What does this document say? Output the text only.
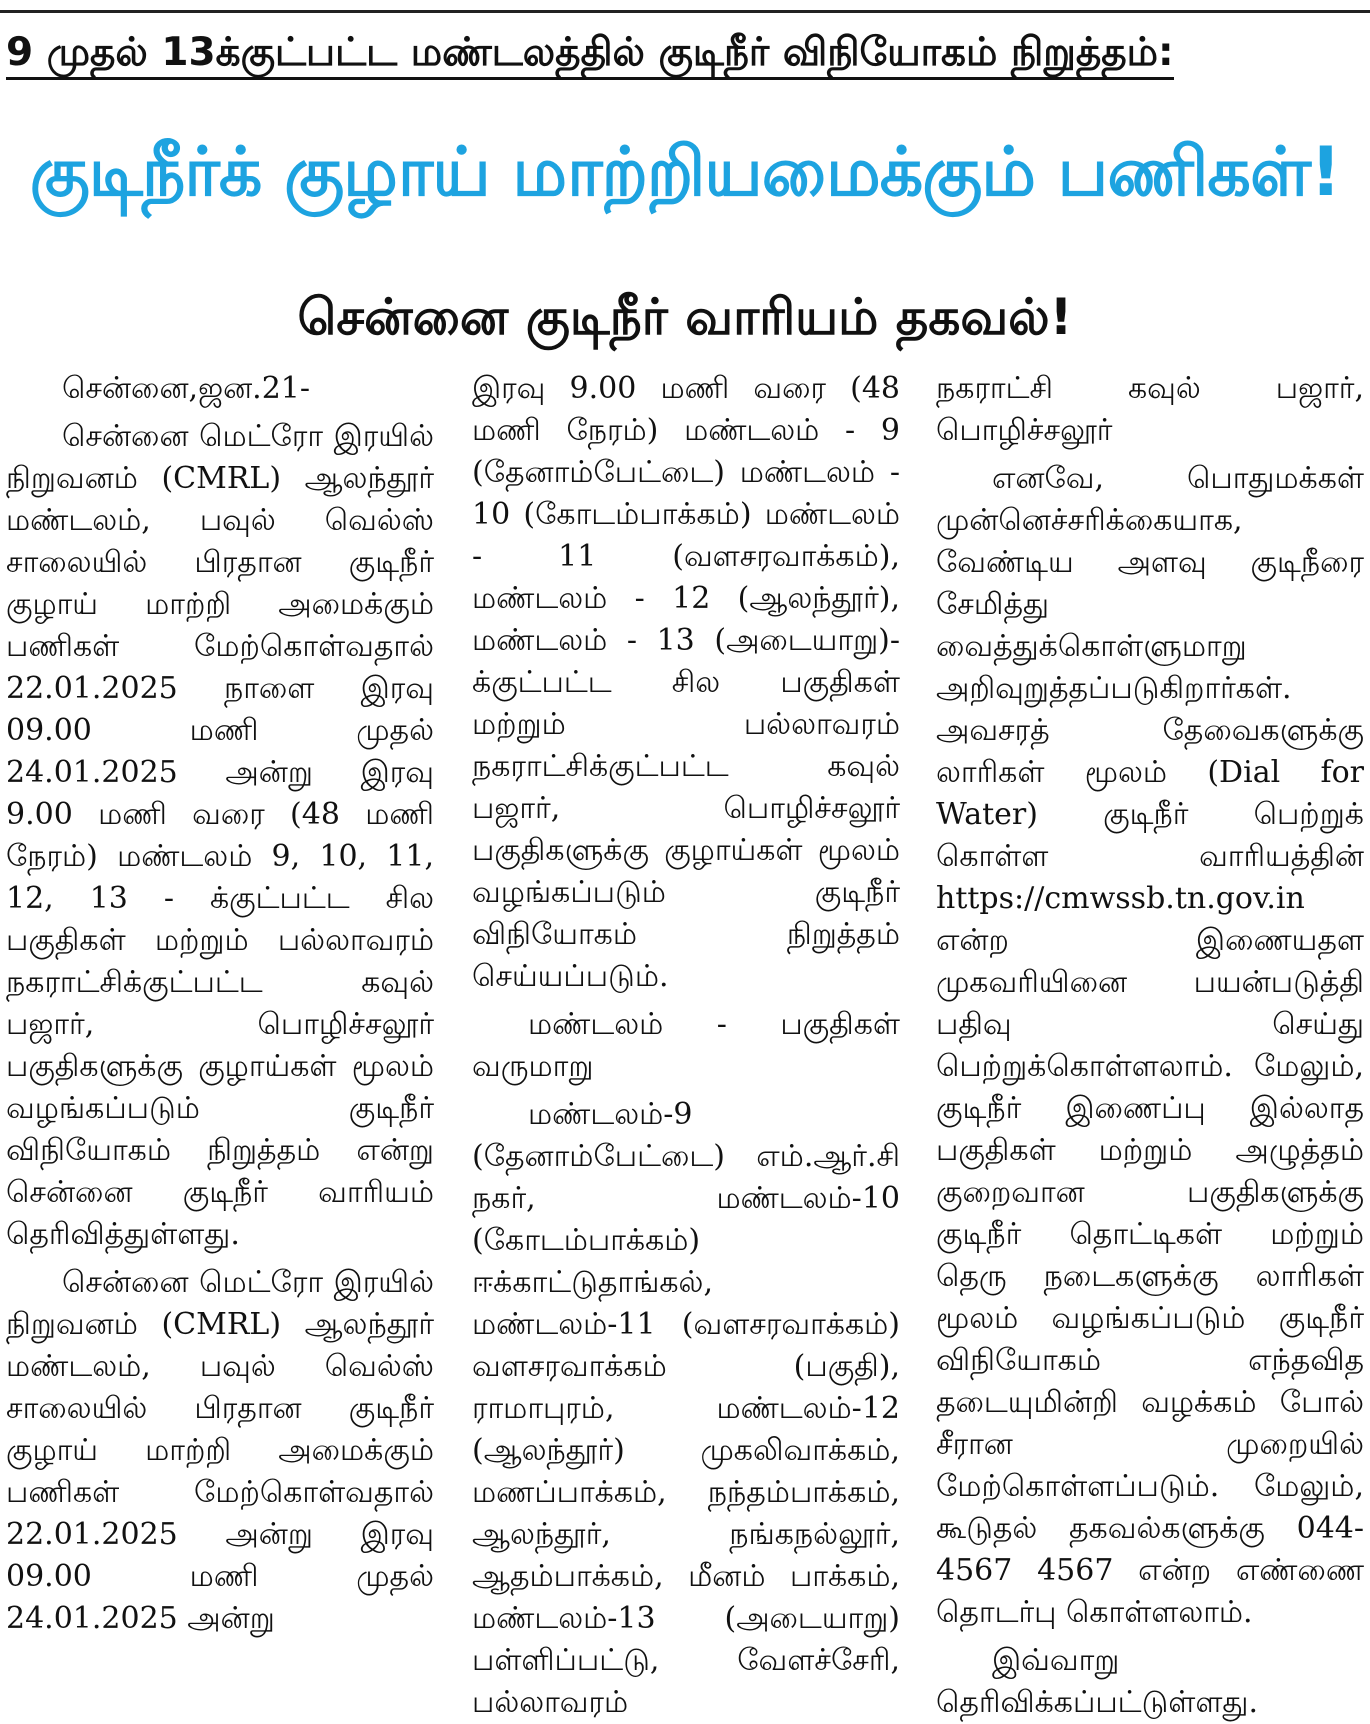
9 முதல் 13க்குட்பட்ட மண்டலத்தில் குடிநீர் விநியோகம் நிறுத்தம்:
குடிநீர்க் குழாய் மாற்றியமைக்கும் பணிகள்!
சென்னை குடிநீர் வாரியம் தகவல்!

சென்னை,ஜன.21-

சென்னை மெட்ரோ இரயில் நிறுவனம் (CMRL) ஆலந்தூர் மண்டலம், பவுல் வெல்ஸ் சாலையில் பிரதான குடிநீர் குழாய் மாற்றி அமைக்கும் பணிகள் மேற்கொள்வதால் 22.01.2025 நாளை இரவு 09.00 மணி முதல் 24.01.2025 அன்று இரவு 9.00 மணி வரை (48 மணி நேரம்) மண்டலம் 9, 10, 11, 12, 13 - க்குட்பட்ட சில பகுதிகள் மற்றும் பல்லாவரம் நகராட்சிக்குட்பட்ட கவுல் பஜார், பொழிச்சலூர் பகுதிகளுக்கு குழாய்கள் மூலம் வழங்கப்படும் குடிநீர் விநியோகம் நிறுத்தம் என்று சென்னை குடிநீர் வாரியம் தெரிவித்துள்ளது.

சென்னை மெட்ரோ இரயில் நிறுவனம் (CMRL) ஆலந்தூர் மண்டலம், பவுல் வெல்ஸ் சாலையில் பிரதான குடிநீர் குழாய் மாற்றி அமைக்கும் பணிகள் மேற்கொள்வதால் 22.01.2025 அன்று இரவு 09.00 மணி முதல் 24.01.2025 அன்று

இரவு 9.00 மணி வரை (48 மணி நேரம்) மண்டலம் - 9 (தேனாம்பேட்டை) மண்டலம் - 10 (கோடம்பாக்கம்) மண்டலம் - 11 (வளசரவாக்கம்), மண்டலம் - 12 (ஆலந்தூர்), மண்டலம் - 13 (அடையாறு)- க்குட்பட்ட சில பகுதிகள் மற்றும் பல்லாவரம் நகராட்சிக்குட்பட்ட கவுல் பஜார், பொழிச்சலூர் பகுதிகளுக்கு குழாய்கள் மூலம் வழங்கப்படும் குடிநீர் விநியோகம் நிறுத்தம் செய்யப்படும்.

மண்டலம் - பகுதிகள் வருமாறு

மண்டலம்-9 (தேனாம்பேட்டை) எம்.ஆர்.சி நகர், மண்டலம்-10 (கோடம்பாக்கம்) ஈக்காட்டுதாங்கல், மண்டலம்-11 (வளசரவாக்கம்) வளசரவாக்கம் (பகுதி), ராமாபுரம், மண்டலம்-12 (ஆலந்தூர்) முகலிவாக்கம், மணப்பாக்கம், நந்தம்பாக்கம், ஆலந்தூர், நங்கநல்லூர், ஆதம்பாக்கம், மீனம் பாக்கம், மண்டலம்-13 (அடையாறு) பள்ளிப்பட்டு, வேளச்சேரி, பல்லாவரம்

நகராட்சி கவுல் பஜார், பொழிச்சலூர்

எனவே, பொதுமக்கள் முன்னெச்சரிக்கையாக, வேண்டிய அளவு குடிநீரை சேமித்து வைத்துக்கொள்ளுமாறு அறிவுறுத்தப்படுகிறார்கள். அவசரத் தேவைகளுக்கு லாரிகள் மூலம் (Dial for Water) குடிநீர் பெற்றுக் கொள்ள வாரியத்தின் https://cmwssb.tn.gov.in என்ற இணையதள முகவரியினை பயன்படுத்தி பதிவு செய்து பெற்றுக்கொள்ளலாம். மேலும், குடிநீர் இணைப்பு இல்லாத பகுதிகள் மற்றும் அழுத்தம் குறைவான பகுதிகளுக்கு குடிநீர் தொட்டிகள் மற்றும் தெரு நடைகளுக்கு லாரிகள் மூலம் வழங்கப்படும் குடிநீர் விநியோகம் எந்தவித தடையுமின்றி வழக்கம் போல் சீரான முறையில் மேற்கொள்ளப்படும். மேலும், கூடுதல் தகவல்களுக்கு 044-4567 4567 என்ற எண்ணை தொடர்பு கொள்ளலாம்.

இவ்வாறு தெரிவிக்கப்பட்டுள்ளது.
